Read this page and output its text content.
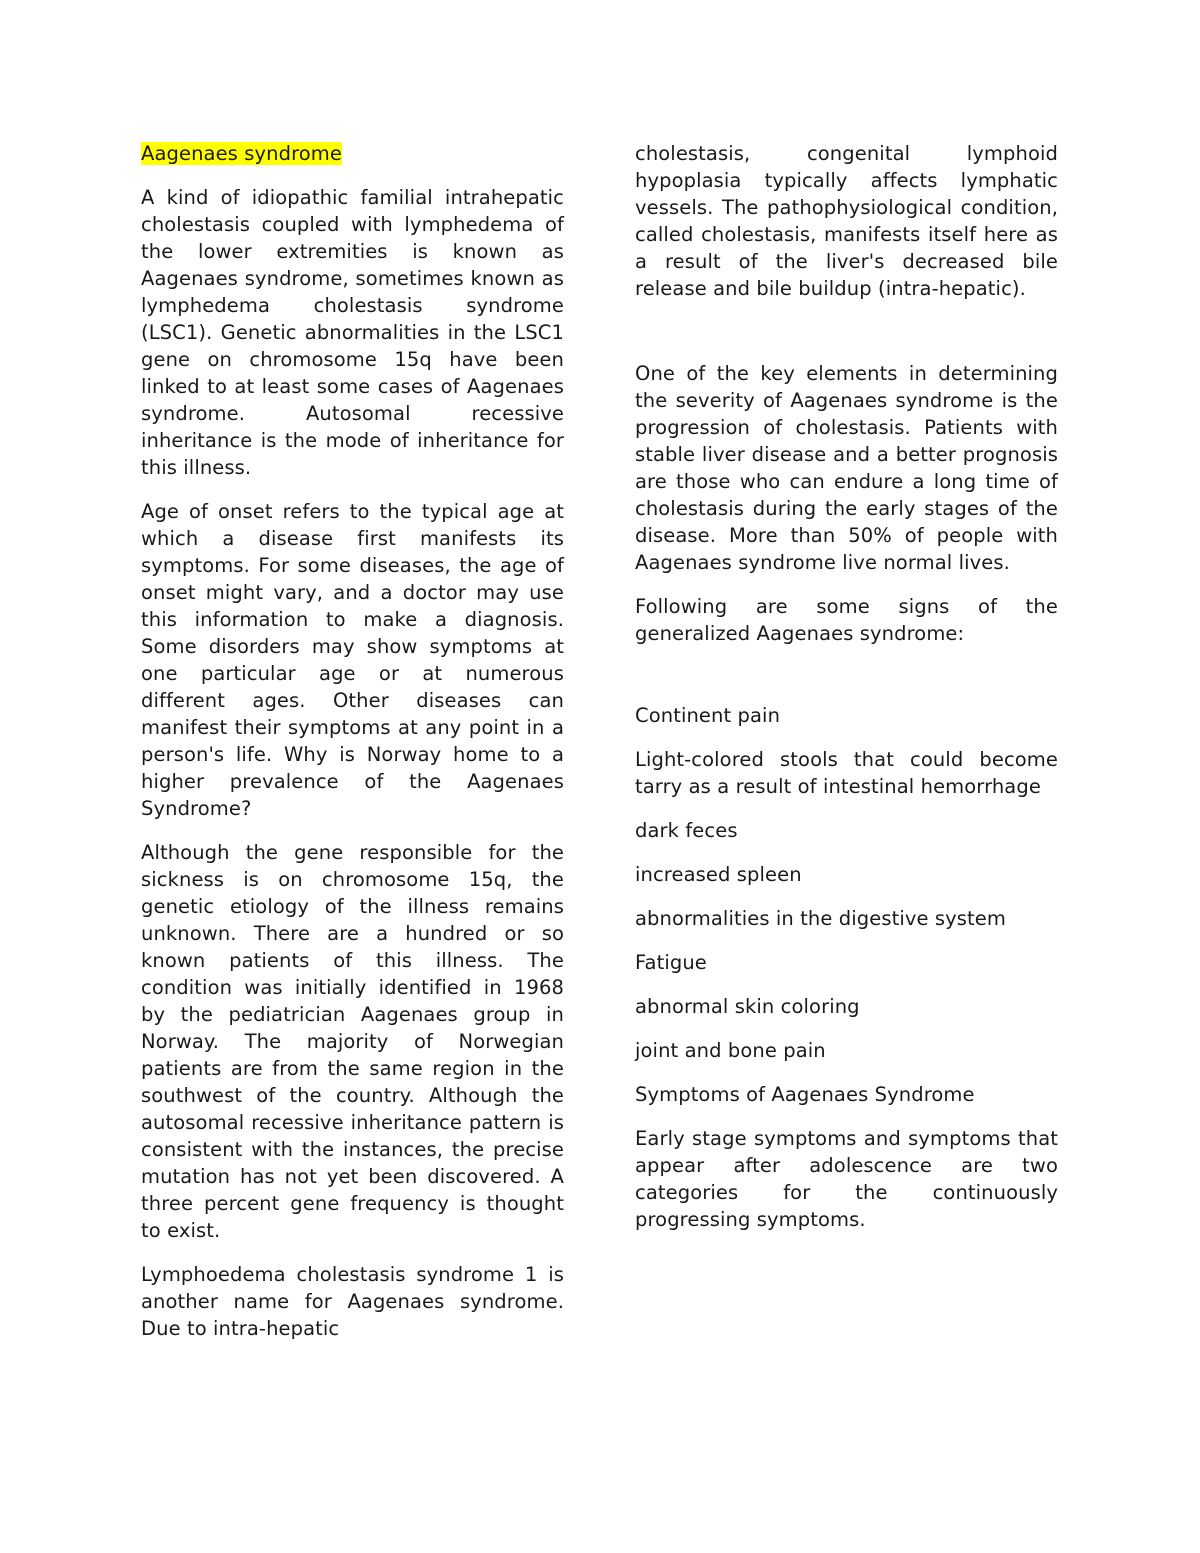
Aagenaes syndrome

A kind of idiopathic familial intrahepatic cholestasis coupled with lymphedema of the lower extremities is known as Aagenaes syndrome, sometimes known as lymphedema cholestasis syndrome (LSC1). Genetic abnormalities in the LSC1 gene on chromosome 15q have been linked to at least some cases of Aagenaes syndrome. Autosomal recessive inheritance is the mode of inheritance for this illness.

Age of onset refers to the typical age at which a disease first manifests its symptoms. For some diseases, the age of onset might vary, and a doctor may use this information to make a diagnosis. Some disorders may show symptoms at one particular age or at numerous different ages. Other diseases can manifest their symptoms at any point in a person's life. Why is Norway home to a higher prevalence of the Aagenaes Syndrome?

Although the gene responsible for the sickness is on chromosome 15q, the genetic etiology of the illness remains unknown. There are a hundred or so known patients of this illness. The condition was initially identified in 1968 by the pediatrician Aagenaes group in Norway. The majority of Norwegian patients are from the same region in the southwest of the country. Although the autosomal recessive inheritance pattern is consistent with the instances, the precise mutation has not yet been discovered. A three percent gene frequency is thought to exist.

Lymphoedema cholestasis syndrome 1 is another name for Aagenaes syndrome. Due to intra-hepatic

cholestasis, congenital lymphoid hypoplasia typically affects lymphatic vessels. The pathophysiological condition, called cholestasis, manifests itself here as a result of the liver's decreased bile release and bile buildup (intra-hepatic).

One of the key elements in determining the severity of Aagenaes syndrome is the progression of cholestasis. Patients with stable liver disease and a better prognosis are those who can endure a long time of cholestasis during the early stages of the disease. More than 50% of people with Aagenaes syndrome live normal lives.

Following are some signs of the generalized Aagenaes syndrome:

Continent pain

Light-colored stools that could become tarry as a result of intestinal hemorrhage

dark feces

increased spleen

abnormalities in the digestive system

Fatigue

abnormal skin coloring

joint and bone pain

Symptoms of Aagenaes Syndrome

Early stage symptoms and symptoms that appear after adolescence are two categories for the continuously progressing symptoms.
